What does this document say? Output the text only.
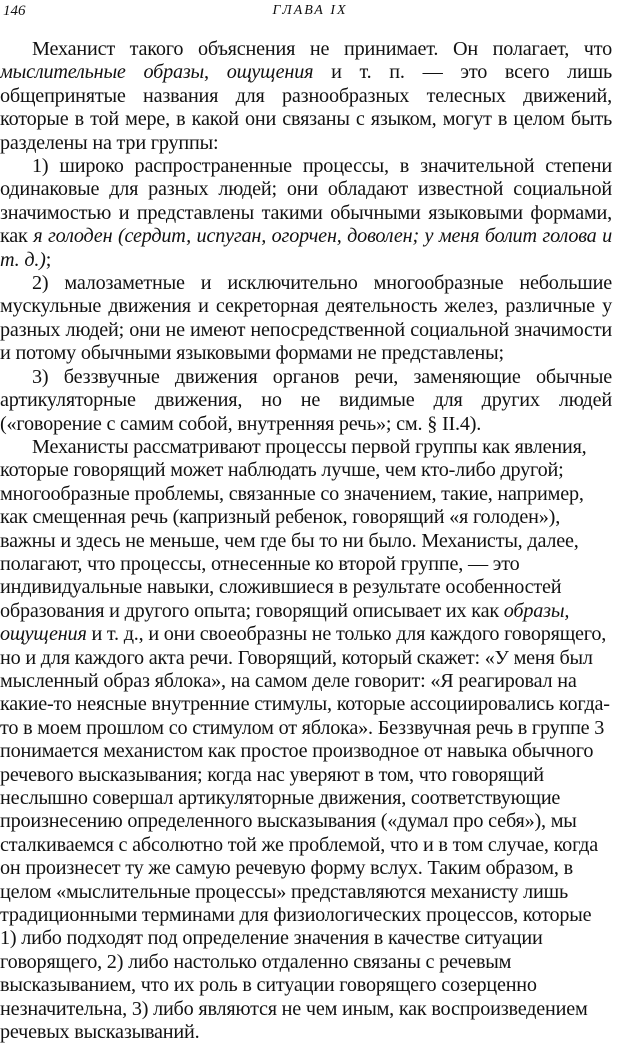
146	ГЛАВА IX

Механист такого объяснения не принимает. Он полагает, что мыслительные образы, ощущения и т. п. — это всего лишь общепринятые названия для разнообразных телесных движений, которые в той мере, в какой они связаны с языком, могут в целом быть разделены на три группы:

1) широко распространенные процессы, в значительной степени одинаковые для разных людей; они обладают известной социальной значимостью и представлены такими обычными языковыми формами, как я голоден (сердит, испуган, огорчен, доволен; у меня болит голова и т. д.);

2) малозаметные и исключительно многообразные небольшие мускульные движения и секреторная деятельность желез, различные у разных людей; они не имеют непосредственной социальной значимости и потому обычными языковыми формами не представлены;

3) беззвучные движения органов речи, заменяющие обычные артикуляторные движения, но не видимые для других людей («говорение с самим собой, внутренняя речь»; см. § II.4).

Механисты рассматривают процессы первой группы как явления, которые говорящий может наблюдать лучше, чем кто-либо другой; многообразные проблемы, связанные со значением, такие, например, как смещенная речь (капризный ребенок, говорящий «я голоден»), важны и здесь не меньше, чем где бы то ни было. Механисты, далее, полагают, что процессы, отнесенные ко второй группе, — это индивидуальные навыки, сложившиеся в результате особенностей образования и другого опыта; говорящий описывает их как образы, ощущения и т. д., и они своеобразны не только для каждого говорящего, но и для каждого акта речи. Говорящий, который скажет: «У меня был мысленный образ яблока», на самом деле говорит: «Я реагировал на какие-то неясные внутренние стимулы, которые ассоциировались когда-то в моем прошлом со стимулом от яблока». Беззвучная речь в группе 3 понимается механистом как простое производное от навыка обычного речевого высказывания; когда нас уверяют в том, что говорящий неслышно совершал артикуляторные движения, соответствующие произнесению определенного высказывания («думал про себя»), мы сталкиваемся с абсолютно той же проблемой, что и в том случае, когда он произнесет ту же самую речевую форму вслух. Таким образом, в целом «мыслительные процессы» представляются механисту лишь традиционными терминами для физиологических процессов, которые 1) либо подходят под определение значения в качестве ситуации говорящего, 2) либо настолько отдаленно связаны с речевым высказыванием, что их роль в ситуации говорящего созерценно незначительна, 3) либо являются не чем иным, как воспроизведением речевых высказываний.
